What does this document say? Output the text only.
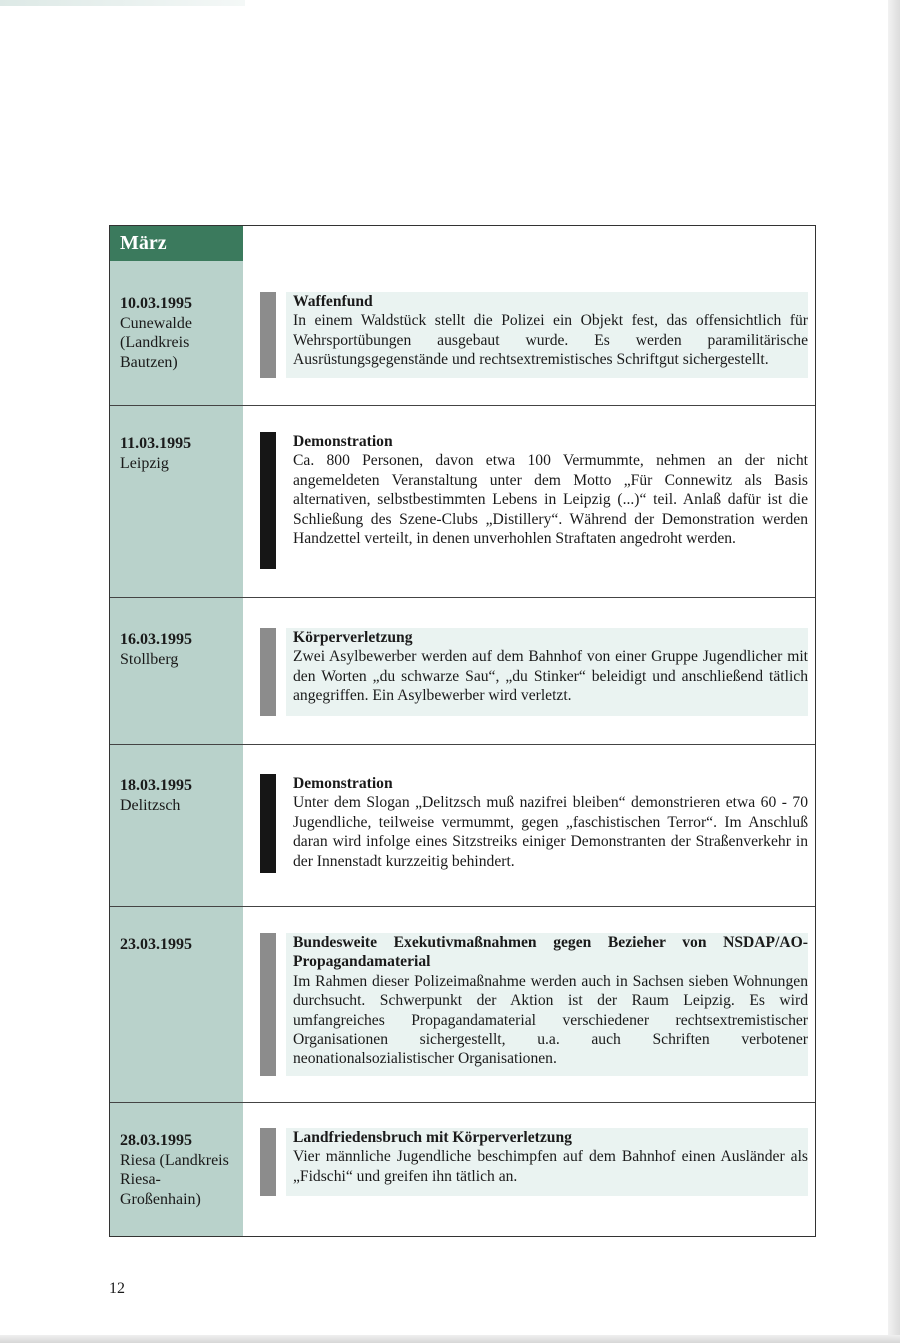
März
10.03.1995
Cunewalde (Landkreis Bautzen)
Waffenfund
In einem Waldstück stellt die Polizei ein Objekt fest, das offensichtlich für Wehrsportübungen ausgebaut wurde. Es werden paramilitärische Ausrüstungsgegenstände und rechtsextremistisches Schriftgut sichergestellt.
11.03.1995
Leipzig
Demonstration
Ca. 800 Personen, davon etwa 100 Vermummte, nehmen an der nicht angemeldeten Veranstaltung unter dem Motto „Für Connewitz als Basis alternativen, selbstbestimmten Lebens in Leipzig (...)“ teil. Anlaß dafür ist die Schließung des Szene-Clubs „Distillery“. Während der Demonstration werden Handzettel verteilt, in denen unverhohlen Straftaten angedroht werden.
16.03.1995
Stollberg
Körperverletzung
Zwei Asylbewerber werden auf dem Bahnhof von einer Gruppe Jugendlicher mit den Worten „du schwarze Sau“, „du Stinker“ beleidigt und anschließend tätlich angegriffen. Ein Asylbewerber wird verletzt.
18.03.1995
Delitzsch
Demonstration
Unter dem Slogan „Delitzsch muß nazifrei bleiben“ demonstrieren etwa 60 - 70 Jugendliche, teilweise vermummt, gegen „faschistischen Terror“. Im Anschluß daran wird infolge eines Sitzstreiks einiger Demonstranten der Straßenverkehr in der Innenstadt kurzzeitig behindert.
23.03.1995	Bundesweite Exekutivmaßnahmen gegen Bezieher von NSDAP/AO-Propagandamaterial
Im Rahmen dieser Polizeimaßnahme werden auch in Sachsen sieben Wohnungen durchsucht. Schwerpunkt der Aktion ist der Raum Leipzig. Es wird umfangreiches Propagandamaterial verschiedener rechtsextremistischer Organisationen sichergestellt, u.a. auch Schriften verbotener neonationalsozialistischer Organisationen.
28.03.1995
Riesa (Landkreis Riesa-Großenhain)
Landfriedensbruch mit Körperverletzung
Vier männliche Jugendliche beschimpfen auf dem Bahnhof einen Ausländer als „Fidschi“ und greifen ihn tätlich an.
12
